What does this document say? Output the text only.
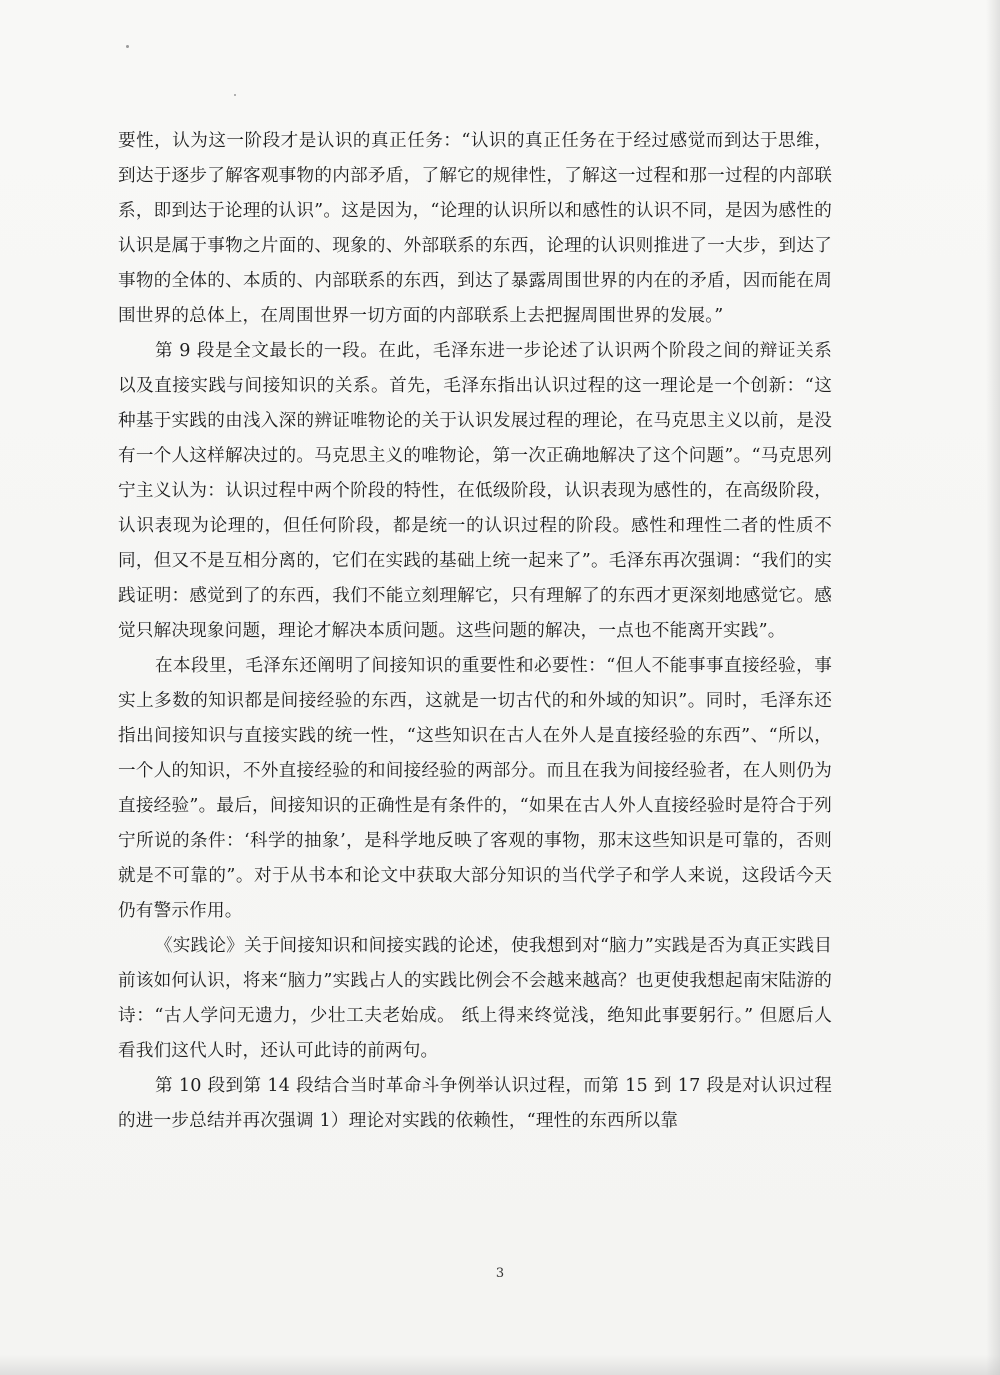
要性，认为这一阶段才是认识的真正任务：“认识的真正任务在于经过感觉而到达于思维，到达于逐步了解客观事物的内部矛盾，了解它的规律性，了解这一过程和那一过程的内部联系，即到达于论理的认识”。这是因为，“论理的认识所以和感性的认识不同，是因为感性的认识是属于事物之片面的、现象的、外部联系的东西，论理的认识则推进了一大步，到达了事物的全体的、本质的、内部联系的东西，到达了暴露周围世界的内在的矛盾，因而能在周围世界的总体上，在周围世界一切方面的内部联系上去把握周围世界的发展。”

第 9 段是全文最长的一段。在此，毛泽东进一步论述了认识两个阶段之间的辩证关系以及直接实践与间接知识的关系。首先，毛泽东指出认识过程的这一理论是一个创新：“这种基于实践的由浅入深的辨证唯物论的关于认识发展过程的理论，在马克思主义以前，是没有一个人这样解决过的。马克思主义的唯物论，第一次正确地解决了这个问题”。“马克思列宁主义认为：认识过程中两个阶段的特性，在低级阶段，认识表现为感性的，在高级阶段，认识表现为论理的，但任何阶段，都是统一的认识过程的阶段。感性和理性二者的性质不同，但又不是互相分离的，它们在实践的基础上统一起来了”。毛泽东再次强调：“我们的实践证明：感觉到了的东西，我们不能立刻理解它，只有理解了的东西才更深刻地感觉它。感觉只解决现象问题，理论才解决本质问题。这些问题的解决，一点也不能离开实践”。

在本段里，毛泽东还阐明了间接知识的重要性和必要性：“但人不能事事直接经验，事实上多数的知识都是间接经验的东西，这就是一切古代的和外域的知识”。同时，毛泽东还指出间接知识与直接实践的统一性，“这些知识在古人在外人是直接经验的东西”、“所以，一个人的知识，不外直接经验的和间接经验的两部分。而且在我为间接经验者，在人则仍为直接经验”。最后，间接知识的正确性是有条件的，“如果在古人外人直接经验时是符合于列宁所说的条件：‘科学的抽象’，是科学地反映了客观的事物，那末这些知识是可靠的，否则就是不可靠的”。对于从书本和论文中获取大部分知识的当代学子和学人来说，这段话今天仍有警示作用。

《实践论》关于间接知识和间接实践的论述，使我想到对“脑力”实践是否为真正实践目前该如何认识，将来“脑力”实践占人的实践比例会不会越来越高？也更使我想起南宋陆游的诗：“古人学问无遗力，少壮工夫老始成。 纸上得来终觉浅，绝知此事要躬行。” 但愿后人看我们这代人时，还认可此诗的前两句。

第 10 段到第 14 段结合当时革命斗争例举认识过程，而第 15 到 17 段是对认识过程的进一步总结并再次强调 1）理论对实践的依赖性，“理性的东西所以靠

3
